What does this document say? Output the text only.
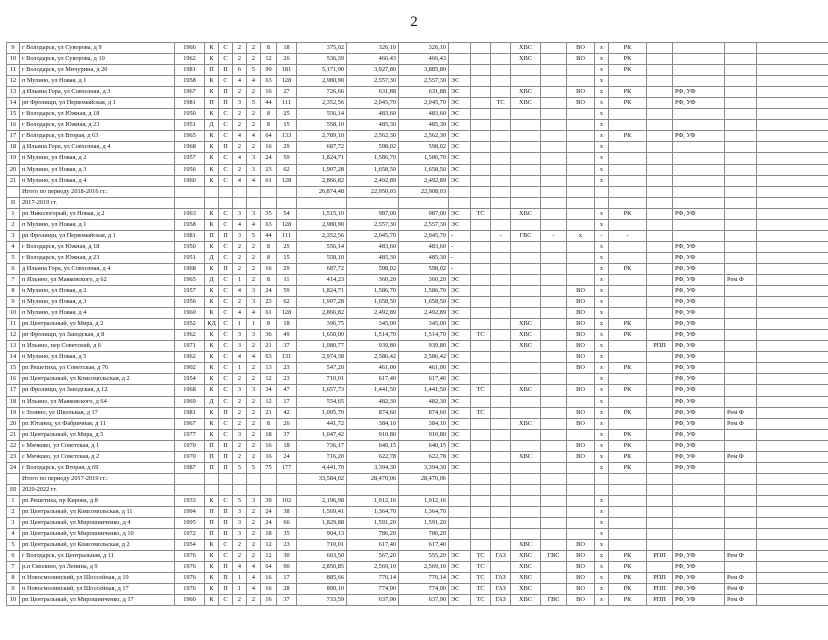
2
9	г Володарск, ул Суворова, д 9	1966	К	С	2	2	8	18	375,02	326,10	326,10				ХВС		ВО	х	РК				
10	г Володарск, ул Суворова, д 10	1962	К	С	2	2	12	26	536,39	466,43	466,43				ХВС		ВО	х	РК				
11	г Володарск, ул Мичурина, д 20	1981	П	П	6	5	90	181	5,171,90	3,927,80	3,885,80							х	РК				
12	п Мулино, ул Новая, д 1	1958	К	С	4	4	63	128	2,980,90	2,557,30	2,557,30	ЭС						х					
13	д Ильина Гора, ул Совхозная, д 3	1967	К	П	2	2	16	27	726,66	631,88	631,88	ЭС			ХВС		ВО	х	РК		РФ, УФ		
14	рп Фролищи, ул Первомайская, д 1	1981	П	П	3	5	44	111	2,352,56	2,045,70	2,045,70	ЭС		ТС	ХВС		ВО	х	РК		РФ, УФ		
15	г Володарск, ул Южная, д 18	1950	К	С	2	2	8	25	556,14	483,60	483,60	ЭС						х					
16	г Володарск, ул Южная, д 23	1951	Д	С	2	2	8	15	558,10	485,30	485,30	ЭС						х					
17	г Володарск, ул Вторая, д 63	1965	К	С	4	4	64	133	2,789,10	2,562,30	2,562,30	ЭС						х	РК		РФ, УФ		
18	д Ильина Гора, ул Совхозная, д 4	1968	К	П	2	2	16	29	687,72	598,02	598,02	ЭС						х					
19	п Мулино, ул Новая, д 2	1957	К	С	4	3	24	59	1,824,71	1,586,70	1,586,70	ЭС						х					
20	п Мулино, ул Новая, д 3	1956	К	С	2	3	23	62	1,907,28	1,658,50	1,658,50	ЭС						х					
21	п Мулино, ул Новая, д 4	1960	К	С	4	4	61	128	2,866,82	2,492,89	2,492,89	ЭС						х					
	Итого по периоду 2018-2016 гг.:								26,874,48	22,950,03	22,908,03												
II	2017-2019 гг.																						
1	рп Никологорый, ул Новая, д 2	1963	К	С	3	3	35	54	1,515,10	987,00	987,00	ЭС	ТС		ХВС			х	РК		РФ, УФ		
2	п Мулино, ул Новая, д 1	1958	К	С	4	4	63	128	2,980,90	2,557,30	2,557,30	ЭС						х					
3	рп Фролищи, ул Первомайская, д 1	1981	П	П	3	5	44	111	2,352,56	2,045,70	2,045,70	-		-	ГВС	-	х	-	-				
4	г Володарск, ул Южная, д 18	1950	К	С	2	2	8	25	556,14	483,60	483,60	-						х			РФ, УФ		
5	г Володарск, ул Южная, д 23	1951	Д	С	2	2	8	15	558,10	485,30	485,30	-						х			РФ, УФ		
6	д Ильина Гора, ул Совхозная, д 4	1968	К	П	2	2	16	29	687,72	598,02	598,02	-						х	РК		РФ, УФ		
7	п Ильино, ул Маяковского, д 62	1965	Д	С	1	2	8	11	414,23	360,20	360,20	ЭС						х			РФ, УФ	Рем Ф	
8	п Мулино, ул Новая, д 2	1957	К	С	4	3	24	59	1,824,71	1,586,70	1,586,70	ЭС					ВО	х			РФ, УФ		
9	п Мулино, ул Новая, д 3	1956	К	С	2	3	23	62	1,907,28	1,658,50	1,658,50	ЭС					ВО	х			РФ, УФ		
10	п Мулино, ул Новая, д 4	1960	К	С	4	4	61	128	2,866,82	2,492,89	2,492,89	ЭС					ВО	х			РФ, УФ		
11	рп Центральный, ул Мира, д 2	1952	КД	С	1	1	8	18	396,75	345,00	345,00	ЭС			ХВС		ВО	х	РК		РФ, УФ		
12	рп Фролищи, ул Заводская, д 8	1962	К	С	3	3	36	49	1,650,00	1,514,70	1,514,70	ЭС	ТС		ХВС		ВО	х	РК		РФ, УФ		
13	п Ильино, пер Советский, д 6	1971	К	С	3	2	21	37	1,080,77	939,80	939,80	ЭС			ХВС		ВО	х		РПП	РФ, УФ		
14	п Мулино, ул Новая, д 5	1962	К	С	4	4	63	131	2,974,38	2,586,42	2,586,42	ЭС					ВО	х			РФ, УФ		
15	рп Решетиха, ул Советская, д 76	1902	К	С	1	2	13	23	547,20	461,00	461,00	ЭС					ВО	х	РК		РФ, УФ		
16	рп Центральный, ул Комсомольская, д 2	1954	К	С	2	2	12	23	710,01	617,40	617,40	ЭС						х			РФ, УФ		
17	рп Фролищи, ул Заводская, д 12	1968	К	С	3	3	34	47	1,657,73	1,441,50	1,441,50	ЭС	ТС		ХВС		ВО	х	РК		РФ, УФ		
18	п Ильино, ул Маяковского, д 64	1969	Д	С	2	2	12	17	554,65	482,30	482,30	ЭС						х			РФ, УФ		
19	с Золино, ул Школьная, д 17	1981	К	П	2	2	21	42	1,005,79	874,60	874,60	ЭС	ТС				ВО	х	РК		РФ, УФ	Рем Ф	
20	рп Юганец, ул Фабричная, д 11	1967	К	С	2	2	8	26	441,72	384,10	384,10	ЭС			ХВС		ВО	х			РФ, УФ	Рем Ф	
21	рп Центральный, ул Мира, д 5	1977	К	С	3	2	18	37	1,047,42	910,80	910,80	ЭС						х	РК		РФ, УФ		
22	с Мячково, ул Советская, д 1	1970	П	П	2	2	16	18	736,17	640,15	640,15	ЭС					ВО	х	РК		РФ, УФ		
23	с Мячково, ул Советская, д 2	1970	П	П	2	2	16	24	716,20	622,78	622,78	ЭС			ХВС		ВО	х	РК		РФ, УФ	Рем Ф	
24	г Володарск, ул Вторая, д 69	1987	П	П	5	5	75	177	4,441,70	3,394,30	3,394,30	ЭС						х	РК		РФ, УФ		
	Итого по периоду 2017-2019 гг.:								33,584,02	28,470,06	28,470,06												
III	2020-2022 гг.																						
1	рп Решетиха, пр Кирова, д 8	1933	К	С	5	3	39	102	2,196,98	1,912,16	1,912,16							х					
2	рп Центральный, ул Комсомольская, д 11	1994	П	П	3	2	24	38	1,569,41	1,364,70	1,364,70							х					
3	рп Центральный, ул Мирошниченко, д 4	1995	П	П	3	2	24	66	1,829,88	1,591,20	1,591,20							х					
4	рп Центральный, ул Мирошниченко, д 10	1972	П	П	3	2	18	35	904,13	786,20	786,20							х					
5	рп Центральный, ул Комсомольская, д 2	1954	К	С	2	2	12	23	710,01	617,40	617,40				ХВС		ВО	х					
6	г Володарск, ул Центральная, д 11	1976	К	С	2	2	12	30	603,50	567,20	555,20	ЭС	ТС	ГАЗ	ХВС	ГВС	ВО	х	РК	РПП	РФ, УФ	Рем Ф	
7	р.п Смолино, ул Ленина, д 9	1976	К	П	4	4	64	90	2,850,85	2,569,10	2,569,10	ЭС	ТС		ХВС		ВО	х	РК		РФ, УФ		
8	п Новосмолинский, ул Шоссейная, д 19	1976	К	П	1	4	16	17	885,66	770,14	770,14	ЭС	ТС	ГАЗ	ХВС		ВО	х	РК	РПП	РФ, УФ	Рем Ф	
9	п Новосмолинский, ул Шоссейная, д 17	1976	К	П	1	4	16	28	890,10	774,00	774,00	ЭС	ТС	ГАЗ	ХВС		ВО	х	РК	РПП	РФ, УФ	Рем Ф	
10	рп Центральный, ул Мирошниченко, д 17	1960	К	С	2	2	16	37	733,59	637,90	637,90	ЭС	ТС	ГАЗ	ХВС	ГВС	ВО	х	РК	РПП	РФ, УФ	Рем Ф	
